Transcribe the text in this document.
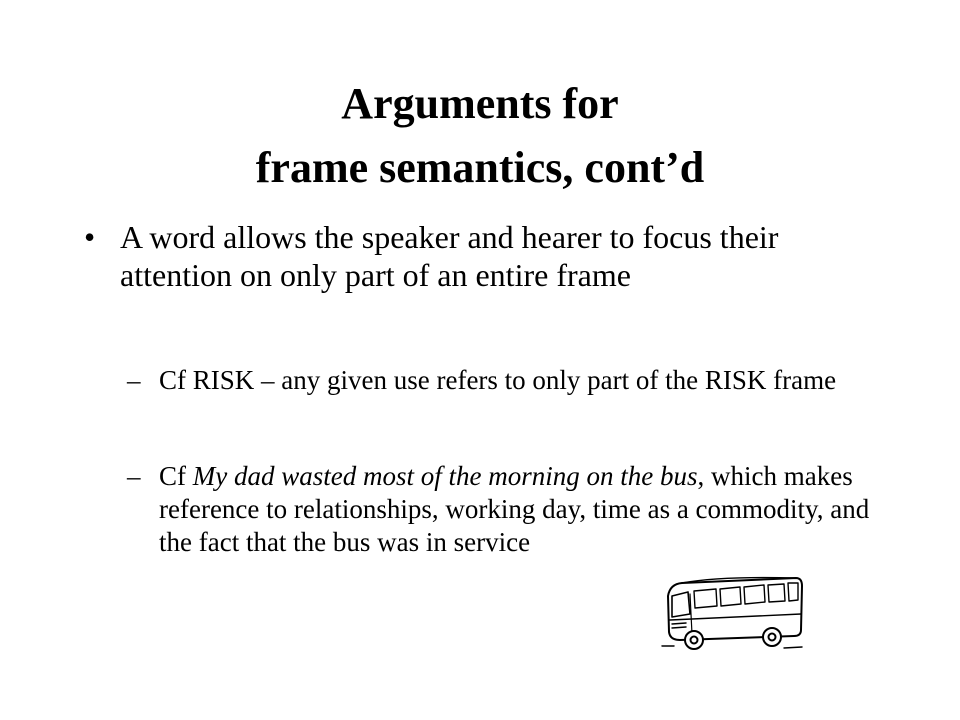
Arguments for
frame semantics, cont’d
• A word allows the speaker and hearer to focus their attention on only part of an entire frame
– Cf RISK – any given use refers to only part of the RISK frame
– Cf My dad wasted most of the morning on the bus, which makes reference to relationships, working day, time as a commodity, and the fact that the bus was in service
